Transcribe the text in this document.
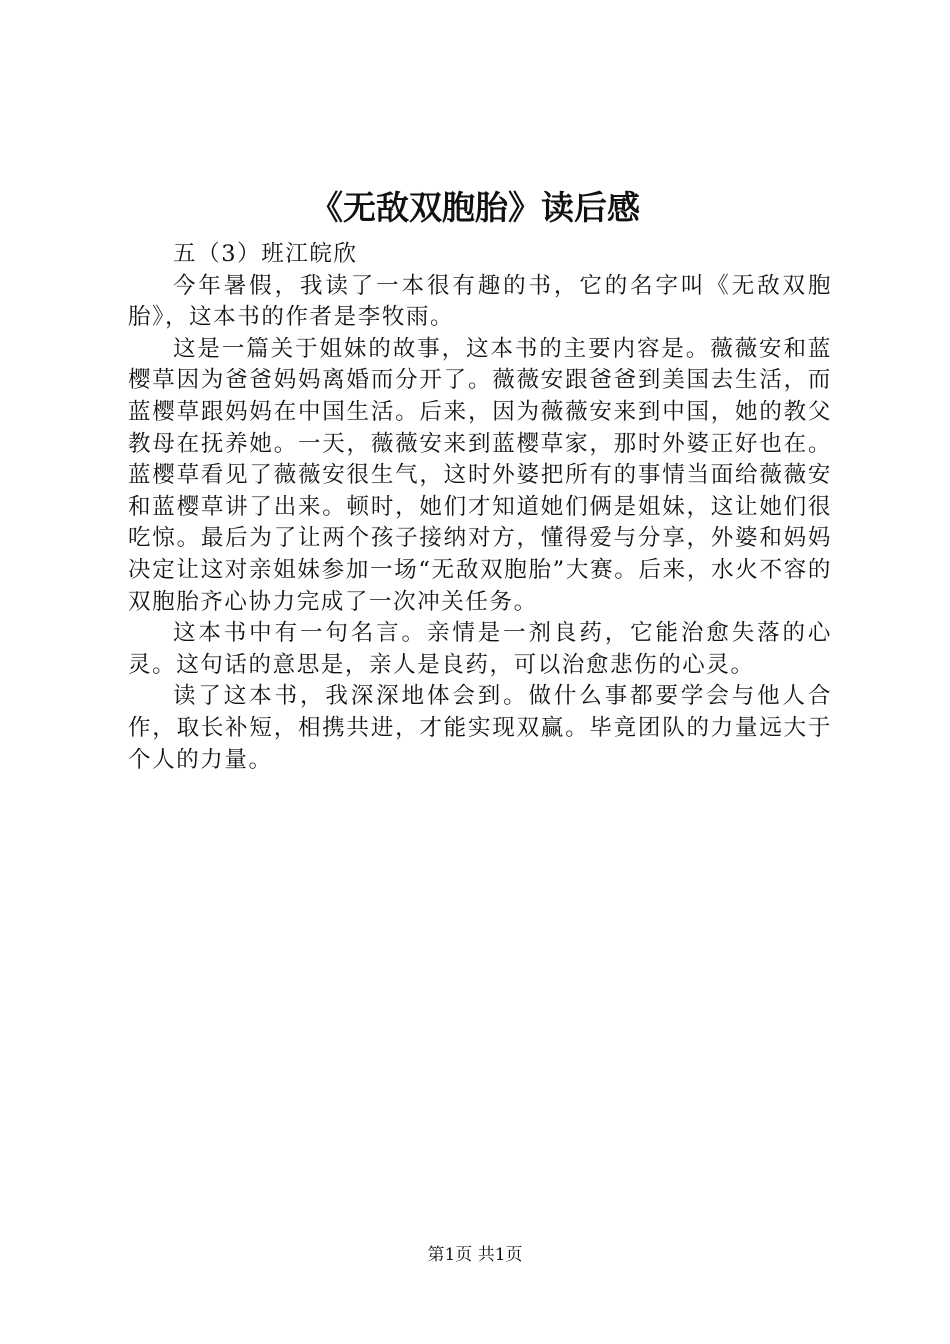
《无敌双胞胎》读后感

五（3）班江皖欣

今年暑假，我读了一本很有趣的书，它的名字叫《无敌双胞胎》，这本书的作者是李牧雨。

这是一篇关于姐妹的故事，这本书的主要内容是。薇薇安和蓝樱草因为爸爸妈妈离婚而分开了。薇薇安跟爸爸到美国去生活，而蓝樱草跟妈妈在中国生活。后来，因为薇薇安来到中国，她的教父教母在抚养她。一天，薇薇安来到蓝樱草家，那时外婆正好也在。蓝樱草看见了薇薇安很生气，这时外婆把所有的事情当面给薇薇安和蓝樱草讲了出来。顿时，她们才知道她们俩是姐妹，这让她们很吃惊。最后为了让两个孩子接纳对方，懂得爱与分享，外婆和妈妈决定让这对亲姐妹参加一场“无敌双胞胎”大赛。后来，水火不容的双胞胎齐心协力完成了一次冲关任务。

这本书中有一句名言。亲情是一剂良药，它能治愈失落的心灵。这句话的意思是，亲人是良药，可以治愈悲伤的心灵。

读了这本书，我深深地体会到。做什么事都要学会与他人合作，取长补短，相携共进，才能实现双赢。毕竟团队的力量远大于个人的力量。

第1页 共1页
